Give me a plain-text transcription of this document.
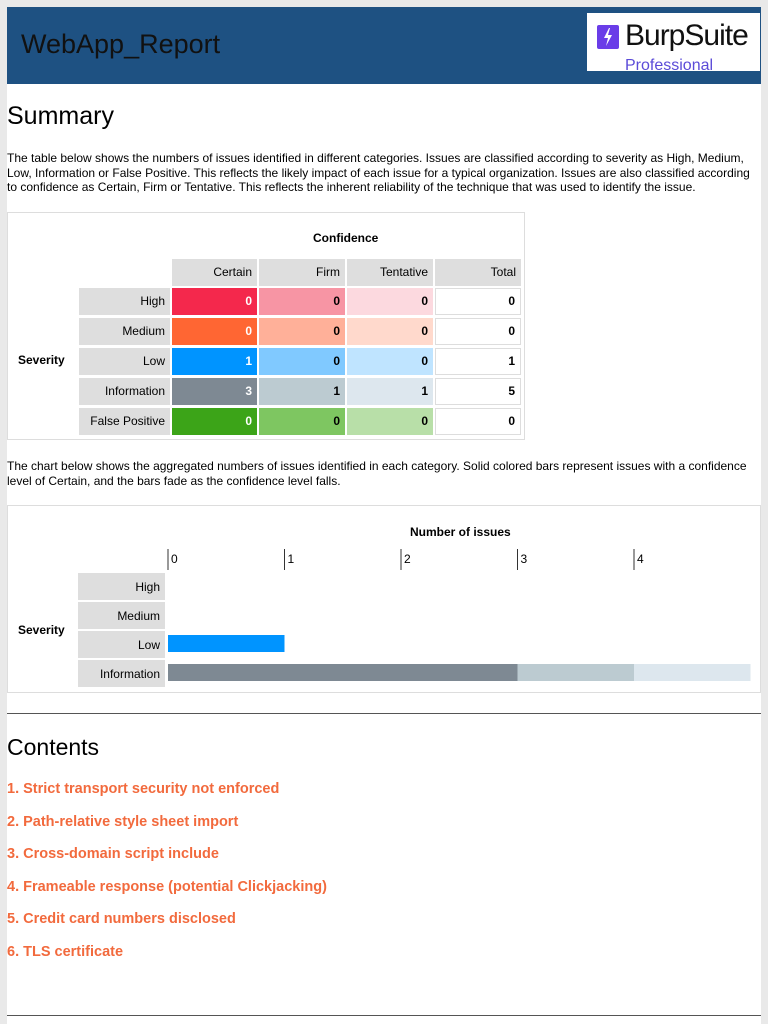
WebApp_Report	BurpSuite
Professional
Summary
The table below shows the numbers of issues identified in different categories. Issues are classified according to severity as High, Medium, Low, Information or False Positive. This reflects the likely impact of each issue for a typical organization. Issues are also classified according to confidence as Certain, Firm or Tentative. This reflects the inherent reliability of the technique that was used to identify the issue.
Confidence
Severity
Certain	Firm	Tentative	Total
High	0	0	0	0
Medium	0	0	0	0
Low	1	0	0	1
Information	3	1	1	5
False Positive	0	0	0	0
The chart below shows the aggregated numbers of issues identified in each category. Solid colored bars represent issues with a confidence level of Certain, and the bars fade as the confidence level falls.
Number of issues
Severity
0	1	2	3	4
High
Medium
Low
Information
Contents
1. Strict transport security not enforced
2. Path-relative style sheet import
3. Cross-domain script include
4. Frameable response (potential Clickjacking)
5. Credit card numbers disclosed
6. TLS certificate
